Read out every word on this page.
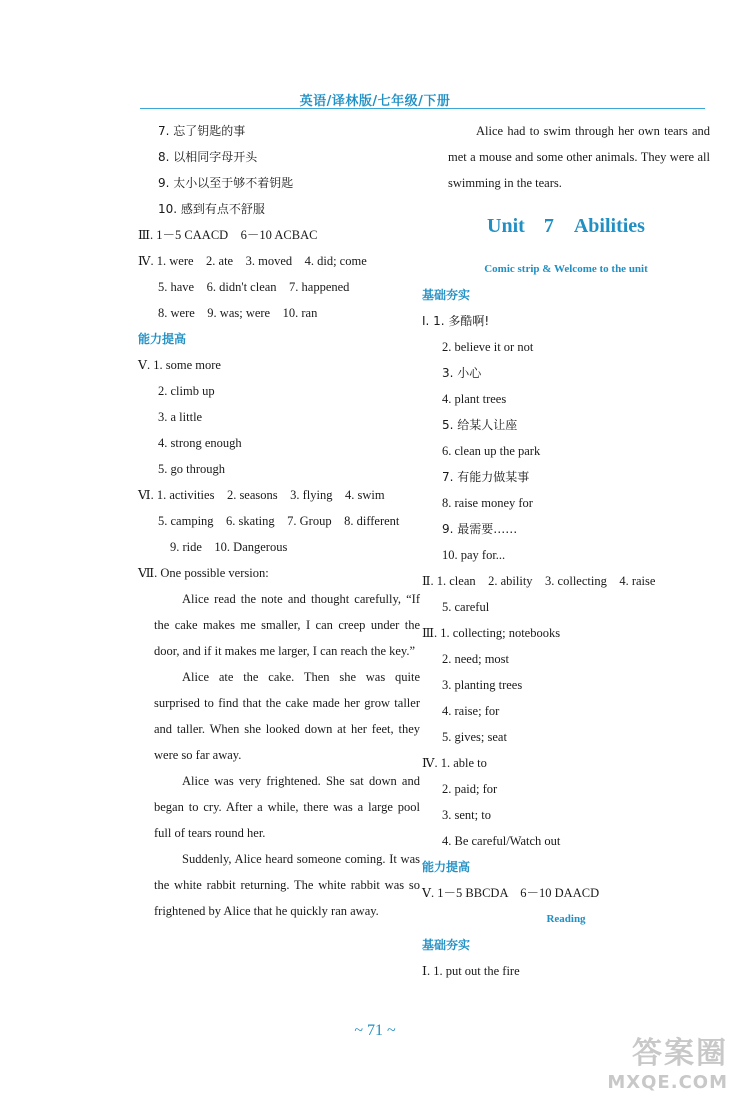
英语/译林版/七年级/下册
7. 忘了钥匙的事
8. 以相同字母开头
9. 太小以至于够不着钥匙
10. 感到有点不舒服
Ⅲ. 1－5 CAACD　6－10 ACBAC
Ⅳ. 1. were　2. ate　3. moved　4. did; come
5. have　6. didn't clean　7. happened
8. were　9. was; were　10. ran
能力提高
Ⅴ. 1. some more
2. climb up
3. a little
4. strong enough
5. go through
Ⅵ. 1. activities　2. seasons　3. flying　4. swim
5. camping　6. skating　7. Group　8. different
9. ride　10. Dangerous
Ⅶ. One possible version:

Alice read the note and thought carefully, “If the cake makes me smaller, I can creep under the door, and if it makes me larger, I can reach the key.”

Alice ate the cake. Then she was quite surprised to find that the cake made her grow taller and taller. When she looked down at her feet, they were so far away.

Alice was very frightened. She sat down and began to cry. After a while, there was a large pool full of tears round her.

Suddenly, Alice heard someone coming. It was the white rabbit returning. The white rabbit was so frightened by Alice that he quickly ran away.

Alice had to swim through her own tears and met a mouse and some other animals. They were all swimming in the tears.

Unit 7　Abilities
Comic strip & Welcome to the unit
基础夯实
Ⅰ. 1. 多酷啊!
2. believe it or not
3. 小心
4. plant trees
5. 给某人让座
6. clean up the park
7. 有能力做某事
8. raise money for
9. 最需要……
10. pay for...
Ⅱ. 1. clean　2. ability　3. collecting　4. raise
5. careful
Ⅲ. 1. collecting; notebooks
2. need; most
3. planting trees
4. raise; for
5. gives; seat
Ⅳ. 1. able to
2. paid; for
3. sent; to
4. Be careful/Watch out
能力提高
Ⅴ. 1－5 BBCDA　6－10 DAACD
Reading
基础夯实
Ⅰ. 1. put out the fire
~ 71 ~
答案圈
MXQE.COM
